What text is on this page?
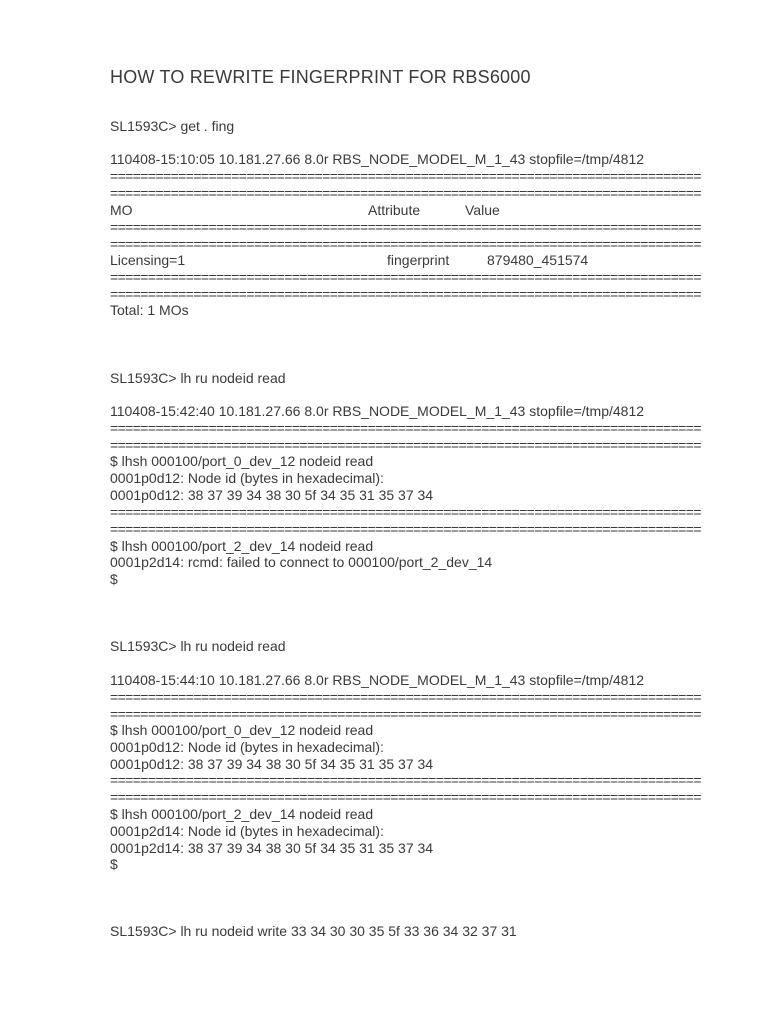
HOW TO REWRITE FINGERPRINT FOR RBS6000
SL1593C> get . fing
110408-15:10:05 10.181.27.66 8.0r RBS_NODE_MODEL_M_1_43 stopfile=/tmp/4812
==============================================================================
==============================================================================
MO	Attribute	Value
==============================================================================
==============================================================================
Licensing=1	fingerprint	879480_451574
==============================================================================
==============================================================================
Total: 1 MOs
SL1593C> lh ru nodeid read
110408-15:42:40 10.181.27.66 8.0r RBS_NODE_MODEL_M_1_43 stopfile=/tmp/4812
==============================================================================
==============================================================================
$ lhsh 000100/port_0_dev_12 nodeid read
0001p0d12: Node id (bytes in hexadecimal):
0001p0d12: 38 37 39 34 38 30 5f 34 35 31 35 37 34
==============================================================================
==============================================================================
$ lhsh 000100/port_2_dev_14 nodeid read
0001p2d14: rcmd: failed to connect to 000100/port_2_dev_14
$
SL1593C> lh ru nodeid read
110408-15:44:10 10.181.27.66 8.0r RBS_NODE_MODEL_M_1_43 stopfile=/tmp/4812
==============================================================================
==============================================================================
$ lhsh 000100/port_0_dev_12 nodeid read
0001p0d12: Node id (bytes in hexadecimal):
0001p0d12: 38 37 39 34 38 30 5f 34 35 31 35 37 34
==============================================================================
==============================================================================
$ lhsh 000100/port_2_dev_14 nodeid read
0001p2d14: Node id (bytes in hexadecimal):
0001p2d14: 38 37 39 34 38 30 5f 34 35 31 35 37 34
$
SL1593C> lh ru nodeid write 33 34 30 30 35 5f 33 36 34 32 37 31
